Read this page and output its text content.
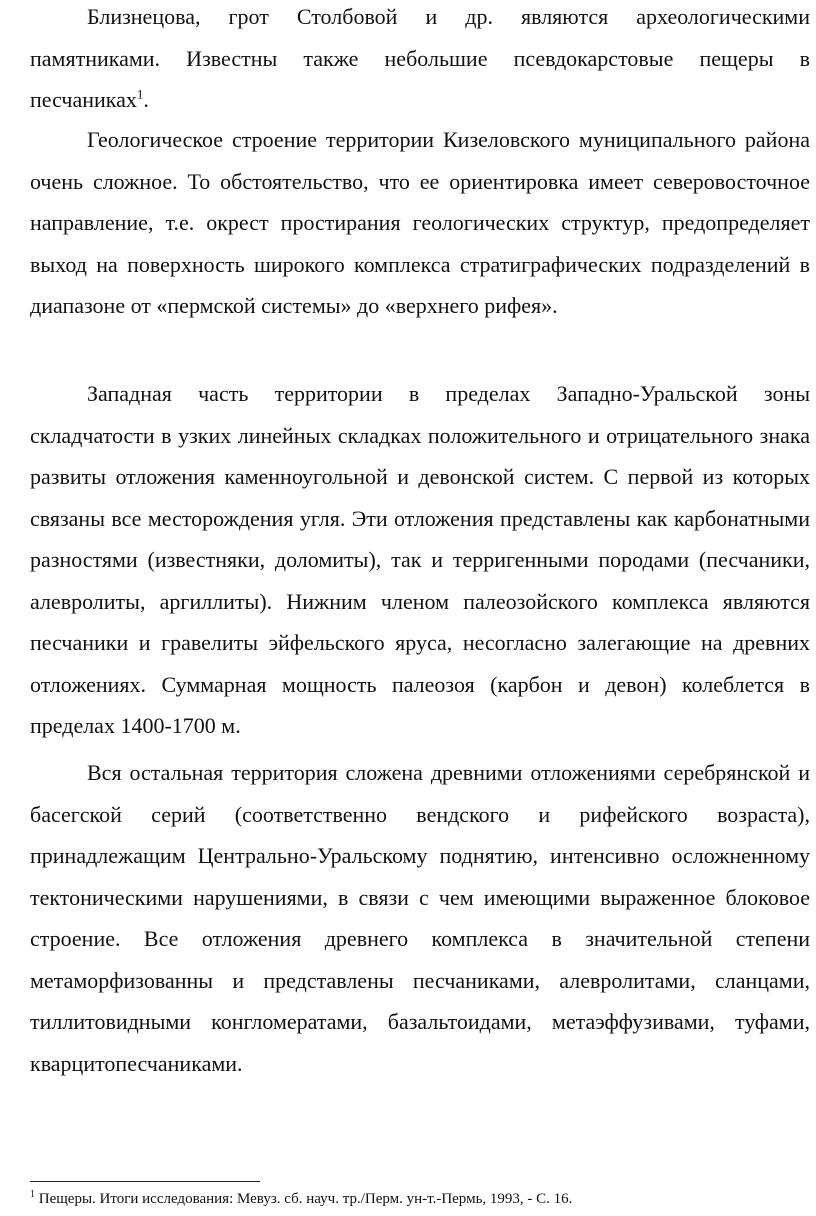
Близнецова, грот Столбовой и др. являются археологическими памятниками. Известны также небольшие псевдокарстовые пещеры в песчаниках$^1$.

Геологическое строение территории Кизеловского муниципального района очень сложное. То обстоятельство, что ее ориентировка имеет северовосточное направление, т.е. окрест простирания геологических структур, предопределяет выход на поверхность широкого комплекса стратиграфических подразделений в диапазоне от «пермской системы» до «верхнего рифея».

Западная часть территории в пределах Западно-Уральской зоны складчатости в узких линейных складках положительного и отрицательного знака развиты отложения каменноугольной и девонской систем. С первой из которых связаны все месторождения угля. Эти отложения представлены как карбонатными разностями (известняки, доломиты), так и терригенными породами (песчаники, алевролиты, аргиллиты). Нижним членом палеозойского комплекса являются песчаники и гравелиты эйфельского яруса, несогласно залегающие на древних отложениях. Суммарная мощность палеозоя (карбон и девон) колеблется в пределах 1400-1700 м.

Вся остальная территория сложена древними отложениями серебрянской и басегской серий (соответственно вендского и рифейского возраста), принадлежащим Центрально-Уральскому поднятию, интенсивно осложненному тектоническими нарушениями, в связи с чем имеющими выраженное блоковое строение. Все отложения древнего комплекса в значительной степени метаморфизованны и представлены песчаниками, алевролитами, сланцами, тиллитовидными конгломератами, базальтоидами, метаэффузивами, туфами, кварцитопесчаниками.

$^1$ Пещеры. Итоги исследования: Мевуз. сб. науч. тр./Перм. ун-т.-Пермь, 1993, - С. 16.
